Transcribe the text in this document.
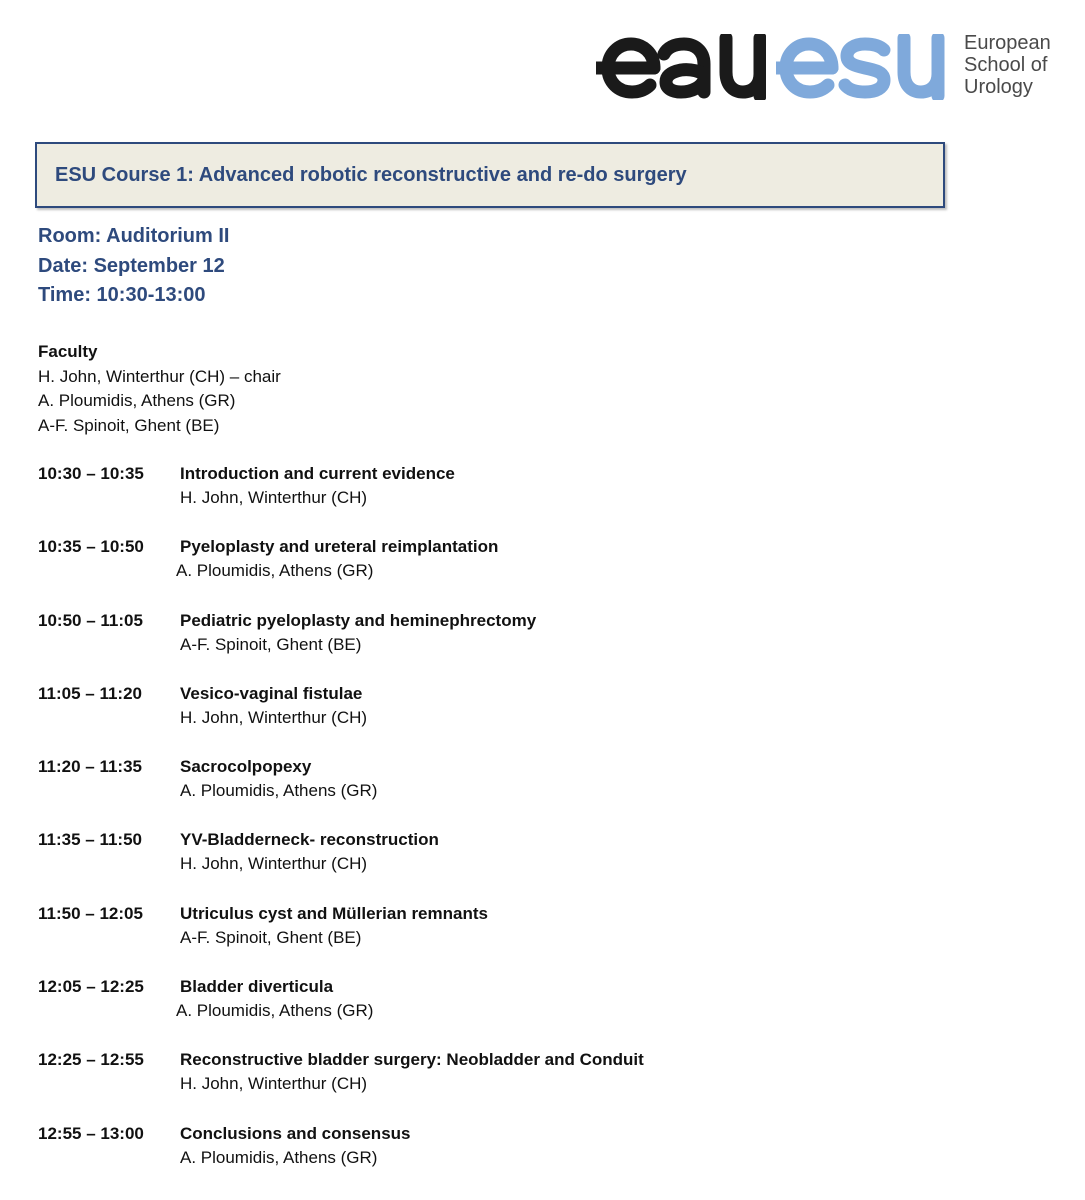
European
School of
Urology
ESU Course 1: Advanced robotic reconstructive and re-do surgery
Room: Auditorium II
Date: September 12
Time: 10:30-13:00
Faculty
H. John, Winterthur (CH) – chair
A. Ploumidis, Athens (GR)
A-F. Spinoit, Ghent (BE)
10:30 – 10:35 Introduction and current evidence
H. John, Winterthur (CH)
10:35 – 10:50 Pyeloplasty and ureteral reimplantation
A. Ploumidis, Athens (GR)
10:50 – 11:05 Pediatric pyeloplasty and heminephrectomy
A-F. Spinoit, Ghent (BE)
11:05 – 11:20 Vesico-vaginal fistulae
H. John, Winterthur (CH)
11:20 – 11:35 Sacrocolpopexy
A. Ploumidis, Athens (GR)
11:35 – 11:50 YV-Bladderneck- reconstruction
H. John, Winterthur (CH)
11:50 – 12:05 Utriculus cyst and Müllerian remnants
A-F. Spinoit, Ghent (BE)
12:05 – 12:25 Bladder diverticula
A. Ploumidis, Athens (GR)
12:25 – 12:55 Reconstructive bladder surgery: Neobladder and Conduit
H. John, Winterthur (CH)
12:55 – 13:00 Conclusions and consensus
A. Ploumidis, Athens (GR)
